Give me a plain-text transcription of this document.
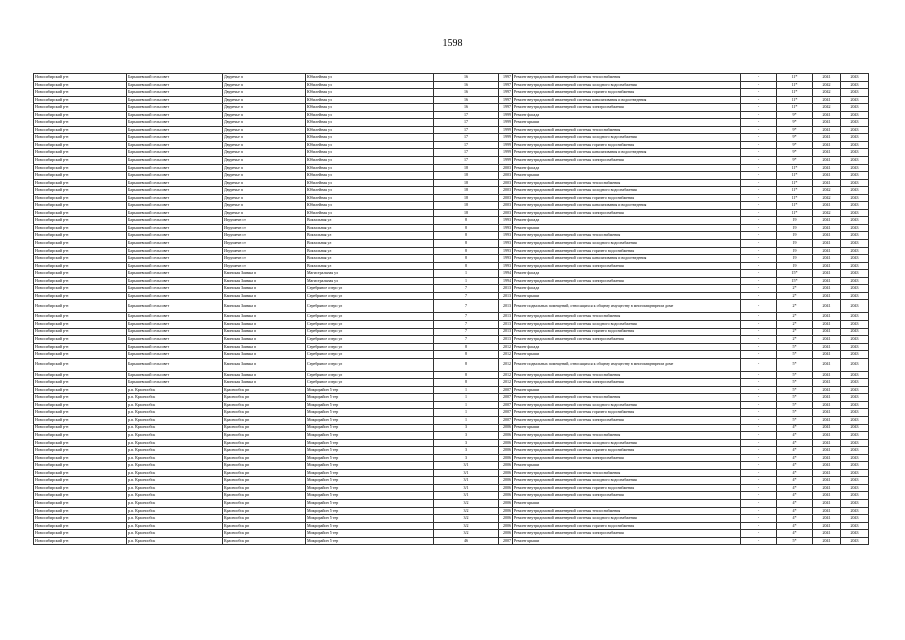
1598
Новосибирский р-н	Барышевский сельсовет	Двуречье п	Юбилейная ул	16	1997	Ремонт внутридомовой инженерной системы теплоснабжения	-	11*	2041	2043
Новосибирский р-н	Барышевский сельсовет	Двуречье п	Юбилейная ул	16	1997	Ремонт внутридомовой инженерной системы холодного водоснабжения	-	11*	2042	2043
Новосибирский р-н	Барышевский сельсовет	Двуречье п	Юбилейная ул	16	1997	Ремонт внутридомовой инженерной системы горячего водоснабжения	-	11*	2042	2043
Новосибирский р-н	Барышевский сельсовет	Двуречье п	Юбилейная ул	16	1997	Ремонт внутридомовой инженерной системы канализования и водоотведения	-	11*	2041	2043
Новосибирский р-н	Барышевский сельсовет	Двуречье п	Юбилейная ул	16	1997	Ремонт внутридомовой инженерной системы электроснабжения	-	11*	2042	2043
Новосибирский р-н	Барышевский сельсовет	Двуречье п	Юбилейная ул	17	1999	Ремонт фасада	-	9*	2041	2043
Новосибирский р-н	Барышевский сельсовет	Двуречье п	Юбилейная ул	17	1999	Ремонт крыши	-	9*	2041	2043
Новосибирский р-н	Барышевский сельсовет	Двуречье п	Юбилейная ул	17	1999	Ремонт внутридомовой инженерной системы теплоснабжения	-	9*	2041	2043
Новосибирский р-н	Барышевский сельсовет	Двуречье п	Юбилейная ул	17	1999	Ремонт внутридомовой инженерной системы холодного водоснабжения	-	9*	2041	2043
Новосибирский р-н	Барышевский сельсовет	Двуречье п	Юбилейная ул	17	1999	Ремонт внутридомовой инженерной системы горячего водоснабжения	-	9*	2041	2043
Новосибирский р-н	Барышевский сельсовет	Двуречье п	Юбилейная ул	17	1999	Ремонт внутридомовой инженерной системы канализования и водоотведения	-	9*	2041	2043
Новосибирский р-н	Барышевский сельсовет	Двуречье п	Юбилейная ул	17	1999	Ремонт внутридомовой инженерной системы электроснабжения	-	9*	2041	2043
Новосибирский р-н	Барышевский сельсовет	Двуречье п	Юбилейная ул	18	2003	Ремонт фасада	-	11*	2041	2043
Новосибирский р-н	Барышевский сельсовет	Двуречье п	Юбилейная ул	18	2003	Ремонт крыши	-	11*	2041	2043
Новосибирский р-н	Барышевский сельсовет	Двуречье п	Юбилейная ул	18	2003	Ремонт внутридомовой инженерной системы теплоснабжения	-	11*	2041	2043
Новосибирский р-н	Барышевский сельсовет	Двуречье п	Юбилейная ул	18	2003	Ремонт внутридомовой инженерной системы холодного водоснабжения	-	11*	2042	2043
Новосибирский р-н	Барышевский сельсовет	Двуречье п	Юбилейная ул	18	2003	Ремонт внутридомовой инженерной системы горячего водоснабжения	-	11*	2042	2043
Новосибирский р-н	Барышевский сельсовет	Двуречье п	Юбилейная ул	18	2003	Ремонт внутридомовой инженерной системы канализования и водоотведения	-	11*	2041	2043
Новосибирский р-н	Барышевский сельсовет	Двуречье п	Юбилейная ул	18	2003	Ремонт внутридомовой инженерной системы электроснабжения	-	11*	2042	2043
Новосибирский р-н	Барышевский сельсовет	Игрушечн ст	Вокзальная ул	8	1993	Ремонт фасада	-	19	2041	2043
Новосибирский р-н	Барышевский сельсовет	Игрушечн ст	Вокзальная ул	8	1993	Ремонт крыши	-	19	2041	2043
Новосибирский р-н	Барышевский сельсовет	Игрушечн ст	Вокзальная ул	8	1993	Ремонт внутридомовой инженерной системы теплоснабжения	-	19	2041	2043
Новосибирский р-н	Барышевский сельсовет	Игрушечн ст	Вокзальная ул	8	1993	Ремонт внутридомовой инженерной системы холодного водоснабжения	-	19	2041	2043
Новосибирский р-н	Барышевский сельсовет	Игрушечн ст	Вокзальная ул	8	1993	Ремонт внутридомовой инженерной системы горячего водоснабжения	-	19	2041	2043
Новосибирский р-н	Барышевский сельсовет	Игрушечн ст	Вокзальная ул	8	1993	Ремонт внутридомовой инженерной системы канализования и водоотведения	-	19	2041	2043
Новосибирский р-н	Барышевский сельсовет	Игрушечн ст	Вокзальная ул	8	1993	Ремонт внутридомовой инженерной системы электроснабжения	-	19	2041	2043
Новосибирский р-н	Барышевский сельсовет	Каинская Заимка п	Магистральная ул	1	1994	Ремонт фасада	-	15*	2041	2043
Новосибирский р-н	Барышевский сельсовет	Каинская Заимка п	Магистральная ул	1	1994	Ремонт внутридомовой инженерной системы электроснабжения	-	15*	2041	2043
Новосибирский р-н	Барышевский сельсовет	Каинская Заимка п	Серебряное озеро ул	7	2013	Ремонт фасада	-	2*	2041	2043
Новосибирский р-н	Барышевский сельсовет	Каинская Заимка п	Серебряное озеро ул	7	2013	Ремонт крыши	-	2*	2041	2043
Новосибирский р-н	Барышевский сельсовет	Каинская Заимка п	Серебряное озеро ул	7	2013	Ремонт подвальных помещений, относящихся к общему имуществу в многоквартирном доме	-	2*	2041	2043
Новосибирский р-н	Барышевский сельсовет	Каинская Заимка п	Серебряное озеро ул	7	2013	Ремонт внутридомовой инженерной системы теплоснабжения	-	2*	2041	2043
Новосибирский р-н	Барышевский сельсовет	Каинская Заимка п	Серебряное озеро ул	7	2013	Ремонт внутридомовой инженерной системы холодного водоснабжения	-	2*	2041	2043
Новосибирский р-н	Барышевский сельсовет	Каинская Заимка п	Серебряное озеро ул	7	2013	Ремонт внутридомовой инженерной системы горячего водоснабжения	-	2*	2041	2043
Новосибирский р-н	Барышевский сельсовет	Каинская Заимка п	Серебряное озеро ул	7	2013	Ремонт внутридомовой инженерной системы электроснабжения	-	2*	2041	2043
Новосибирский р-н	Барышевский сельсовет	Каинская Заимка п	Серебряное озеро ул	8	2012	Ремонт фасада	-	5*	2041	2043
Новосибирский р-н	Барышевский сельсовет	Каинская Заимка п	Серебряное озеро ул	8	2012	Ремонт крыши	-	5*	2041	2043
Новосибирский р-н	Барышевский сельсовет	Каинская Заимка п	Серебряное озеро ул	8	2012	Ремонт подвальных помещений, относящихся к общему имуществу в многоквартирном доме	-	5*	2041	2043
Новосибирский р-н	Барышевский сельсовет	Каинская Заимка п	Серебряное озеро ул	8	2012	Ремонт внутридомовой инженерной системы теплоснабжения	-	5*	2041	2043
Новосибирский р-н	Барышевский сельсовет	Каинская Заимка п	Серебряное озеро ул	8	2012	Ремонт внутридомовой инженерной системы электроснабжения	-	5*	2041	2043
Новосибирский р-н	р.п. Краснообск	Краснообск рп	Микрорайон 5 тер	1	2007	Ремонт крыши	-	5*	2041	2043
Новосибирский р-н	р.п. Краснообск	Краснообск рп	Микрорайон 5 тер	1	2007	Ремонт внутридомовой инженерной системы теплоснабжения	-	5*	2041	2043
Новосибирский р-н	р.п. Краснообск	Краснообск рп	Микрорайон 5 тер	1	2007	Ремонт внутридомовой инженерной системы холодного водоснабжения	-	5*	2041	2043
Новосибирский р-н	р.п. Краснообск	Краснообск рп	Микрорайон 5 тер	1	2007	Ремонт внутридомовой инженерной системы горячего водоснабжения	-	5*	2041	2043
Новосибирский р-н	р.п. Краснообск	Краснообск рп	Микрорайон 5 тер	1	2007	Ремонт внутридомовой инженерной системы электроснабжения	-	5*	2041	2043
Новосибирский р-н	р.п. Краснообск	Краснообск рп	Микрорайон 5 тер	3	2006	Ремонт крыши	-	4*	2041	2043
Новосибирский р-н	р.п. Краснообск	Краснообск рп	Микрорайон 5 тер	3	2006	Ремонт внутридомовой инженерной системы теплоснабжения	-	4*	2041	2043
Новосибирский р-н	р.п. Краснообск	Краснообск рп	Микрорайон 5 тер	3	2006	Ремонт внутридомовой инженерной системы холодного водоснабжения	-	4*	2041	2043
Новосибирский р-н	р.п. Краснообск	Краснообск рп	Микрорайон 5 тер	3	2006	Ремонт внутридомовой инженерной системы горячего водоснабжения	-	4*	2041	2043
Новосибирский р-н	р.п. Краснообск	Краснообск рп	Микрорайон 5 тер	3	2006	Ремонт внутридомовой инженерной системы электроснабжения	-	4*	2041	2043
Новосибирский р-н	р.п. Краснообск	Краснообск рп	Микрорайон 5 тер	3/1	2006	Ремонт крыши	-	4*	2041	2043
Новосибирский р-н	р.п. Краснообск	Краснообск рп	Микрорайон 5 тер	3/1	2006	Ремонт внутридомовой инженерной системы теплоснабжения	-	4*	2041	2043
Новосибирский р-н	р.п. Краснообск	Краснообск рп	Микрорайон 5 тер	3/1	2006	Ремонт внутридомовой инженерной системы холодного водоснабжения	-	4*	2041	2043
Новосибирский р-н	р.п. Краснообск	Краснообск рп	Микрорайон 5 тер	3/1	2006	Ремонт внутридомовой инженерной системы горячего водоснабжения	-	4*	2041	2043
Новосибирский р-н	р.п. Краснообск	Краснообск рп	Микрорайон 5 тер	3/1	2006	Ремонт внутридомовой инженерной системы электроснабжения	-	4*	2041	2043
Новосибирский р-н	р.п. Краснообск	Краснообск рп	Микрорайон 5 тер	3/2	2006	Ремонт крыши	-	4*	2041	2043
Новосибирский р-н	р.п. Краснообск	Краснообск рп	Микрорайон 5 тер	3/2	2006	Ремонт внутридомовой инженерной системы теплоснабжения	-	4*	2041	2043
Новосибирский р-н	р.п. Краснообск	Краснообск рп	Микрорайон 5 тер	3/2	2006	Ремонт внутридомовой инженерной системы холодного водоснабжения	-	4*	2041	2043
Новосибирский р-н	р.п. Краснообск	Краснообск рп	Микрорайон 5 тер	3/2	2006	Ремонт внутридомовой инженерной системы горячего водоснабжения	-	4*	2041	2043
Новосибирский р-н	р.п. Краснообск	Краснообск рп	Микрорайон 5 тер	3/2	2006	Ремонт внутридомовой инженерной системы электроснабжения	-	4*	2041	2043
Новосибирский р-н	р.п. Краснообск	Краснообск рп	Микрорайон 5 тер	46	2007	Ремонт крыши	-	5*	2041	2043
